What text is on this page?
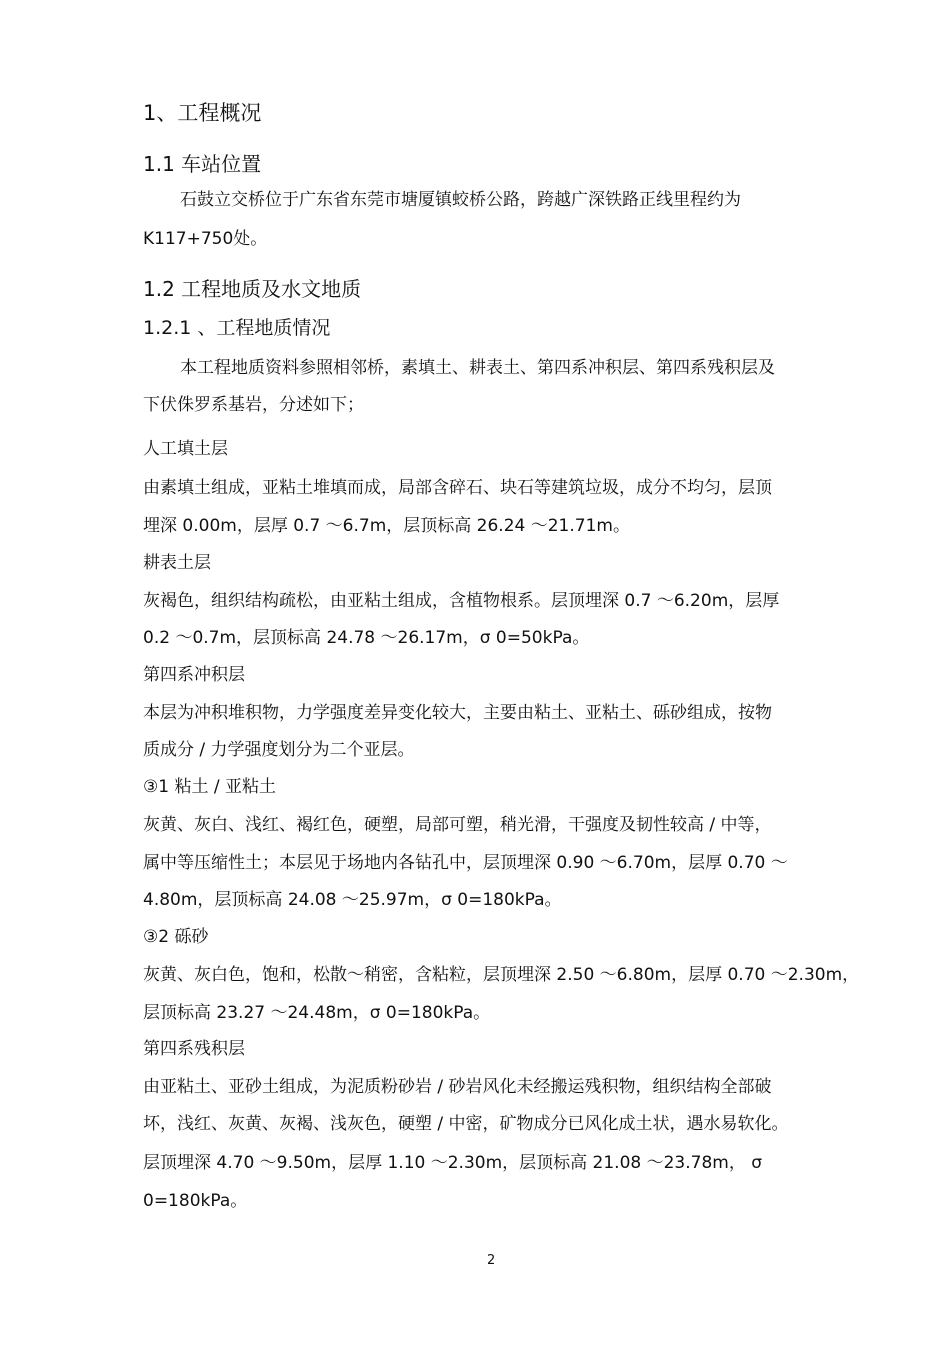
1、工程概况
1.1 车站位置
石鼓立交桥位于广东省东莞市塘厦镇蛟桥公路，跨越广深铁路正线里程约为
K117+750处。
1.2 工程地质及水文地质
1.2.1 、工程地质情况
本工程地质资料参照相邻桥，素填土、耕表土、第四系冲积层、第四系残积层及
下伏侏罗系基岩，分述如下；
人工填土层
由素填土组成，亚粘土堆填而成，局部含碎石、块石等建筑垃圾，成分不均匀，层顶
埋深 0.00m，层厚 0.7 ～6.7m，层顶标高 26.24 ～21.71m。
耕表土层
灰褐色，组织结构疏松，由亚粘土组成，含植物根系。层顶埋深 0.7 ～6.20m，层厚
0.2 ～0.7m，层顶标高 24.78 ～26.17m，σ 0=50kPa。
第四系冲积层
本层为冲积堆积物，力学强度差异变化较大，主要由粘土、亚粘土、砾砂组成，按物
质成分 / 力学强度划分为二个亚层。
③1 粘土 / 亚粘土
灰黄、灰白、浅红、褐红色，硬塑，局部可塑，稍光滑，干强度及韧性较高 / 中等，
属中等压缩性土；本层见于场地内各钻孔中，层顶埋深 0.90 ～6.70m，层厚 0.70 ～
4.80m，层顶标高 24.08 ～25.97m，σ 0=180kPa。
③2 砾砂
灰黄、灰白色，饱和，松散～稍密，含粘粒，层顶埋深 2.50 ～6.80m，层厚 0.70 ～2.30m，
层顶标高 23.27 ～24.48m，σ 0=180kPa。
第四系残积层
由亚粘土、亚砂土组成，为泥质粉砂岩 / 砂岩风化未经搬运残积物，组织结构全部破
坏，浅红、灰黄、灰褐、浅灰色，硬塑 / 中密，矿物成分已风化成土状，遇水易软化。
层顶埋深 4.70 ～9.50m，层厚 1.10 ～2.30m，层顶标高 21.08 ～23.78m， σ
0=180kPa。
2
